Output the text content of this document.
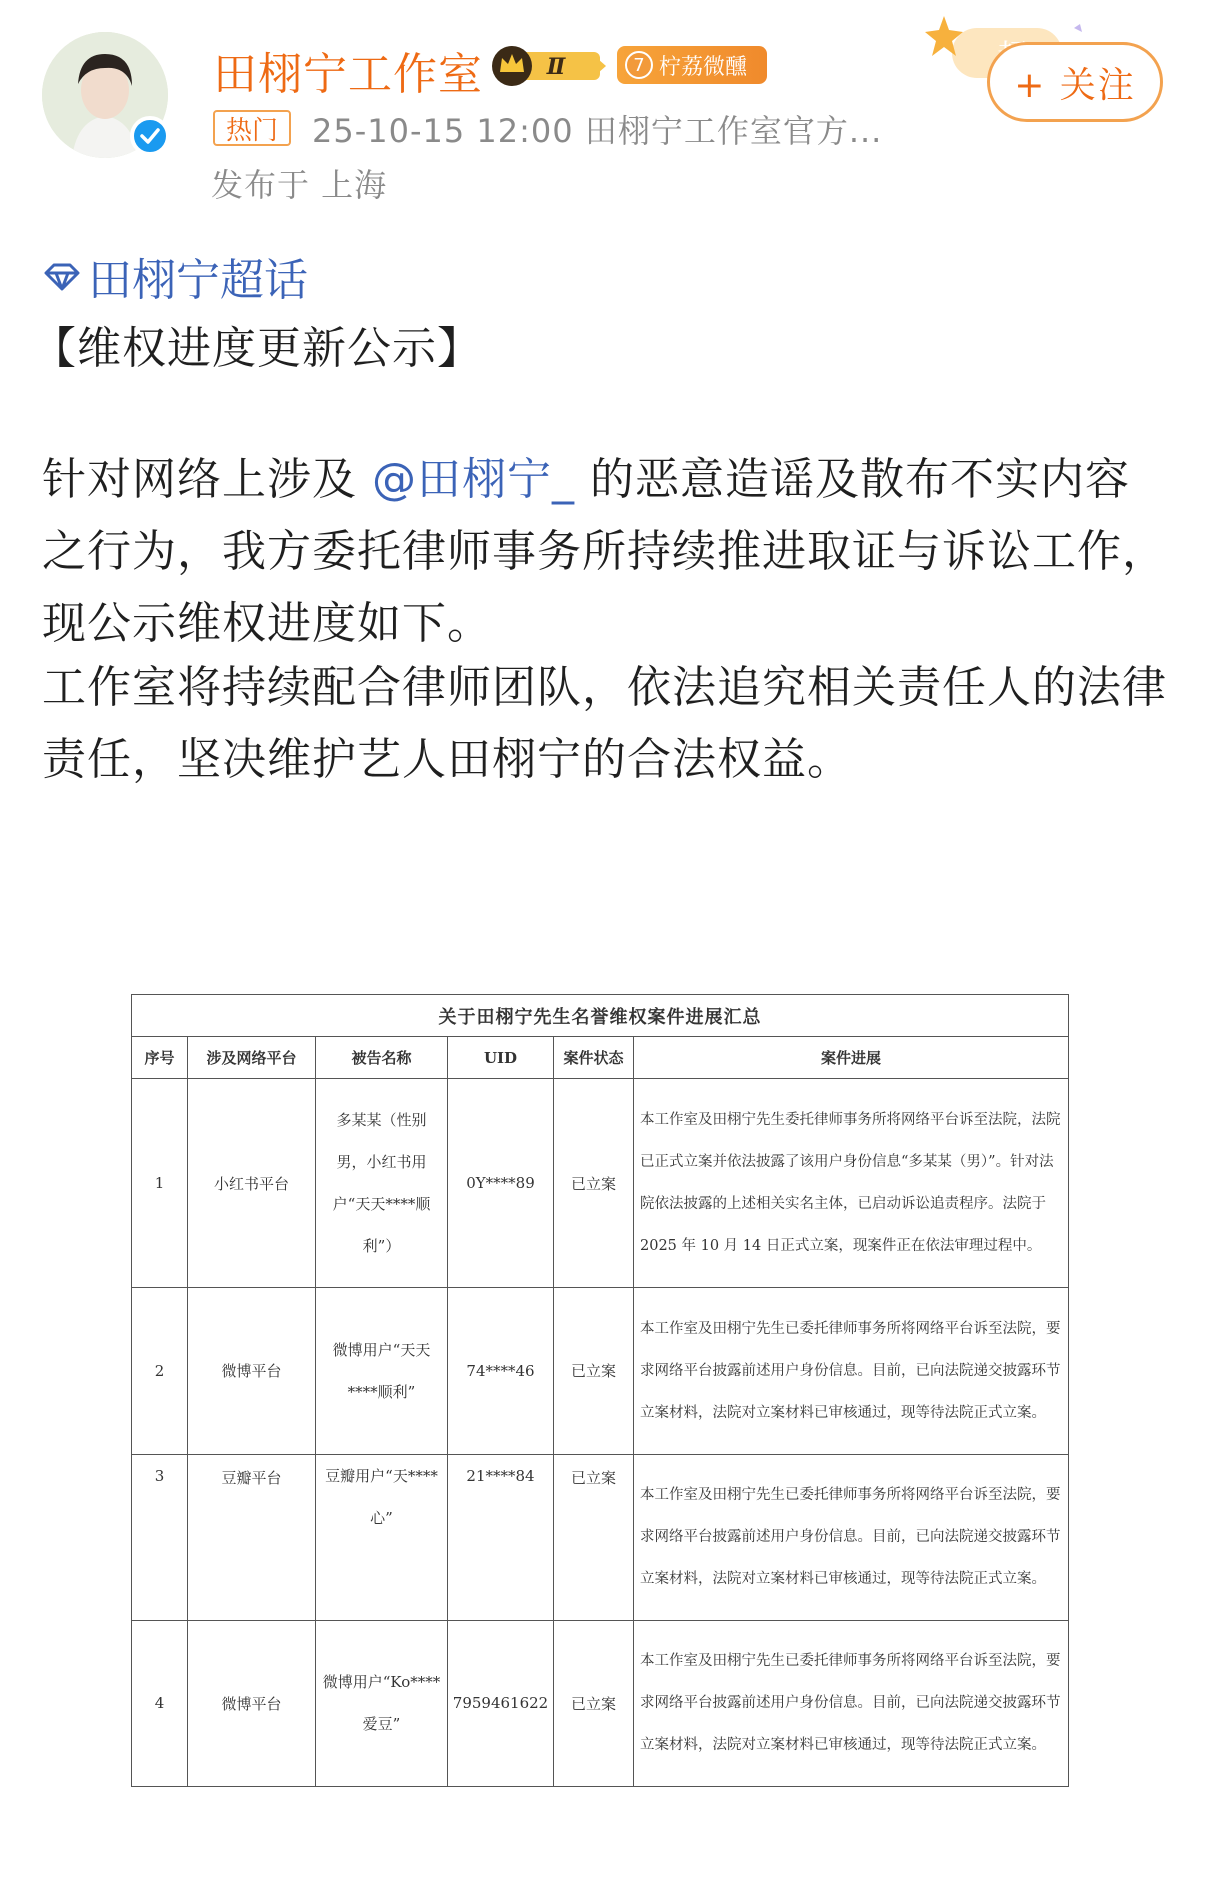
田栩宁工作室	Ⅱ	7 柠荔微醺
热门	25-10-15 12:00 田栩宁工作室官方...
发布于 上海
+ 关注
田栩宁超话
【维权进度更新公示】
针对网络上涉及 @田栩宁_ 的恶意造谣及散布不实内容之行为，我方委托律师事务所持续推进取证与诉讼工作，现公示维权进度如下。
工作室将持续配合律师团队，依法追究相关责任人的法律责任，坚决维护艺人田栩宁的合法权益。
关于田栩宁先生名誉维权案件进展汇总					
序号	涉及网络平台	被告名称	UID	案件状态	案件进展
1	小红书平台	多某某（性别男，小红书用户“天天****顺利”）	0Y****89	已立案	本工作室及田栩宁先生委托律师事务所将网络平台诉至法院，法院已正式立案并依法披露了该用户身份信息“多某某（男）”。针对法院依法披露的上述相关实名主体，已启动诉讼追责程序。法院于 2025 年 10 月 14 日正式立案，现案件正在依法审理过程中。
2	微博平台	微博用户“天天****顺利”	74****46	已立案	本工作室及田栩宁先生已委托律师事务所将网络平台诉至法院，要求网络平台披露前述用户身份信息。目前，已向法院递交披露环节立案材料，法院对立案材料已审核通过，现等待法院正式立案。
3	豆瓣平台	豆瓣用户“天****心”	21****84	已立案	本工作室及田栩宁先生已委托律师事务所将网络平台诉至法院，要求网络平台披露前述用户身份信息。目前，已向法院递交披露环节立案材料，法院对立案材料已审核通过，现等待法院正式立案。
4	微博平台	微博用户“Ko****爱豆”	7959461622	已立案	本工作室及田栩宁先生已委托律师事务所将网络平台诉至法院，要求网络平台披露前述用户身份信息。目前，已向法院递交披露环节立案材料，法院对立案材料已审核通过，现等待法院正式立案。
